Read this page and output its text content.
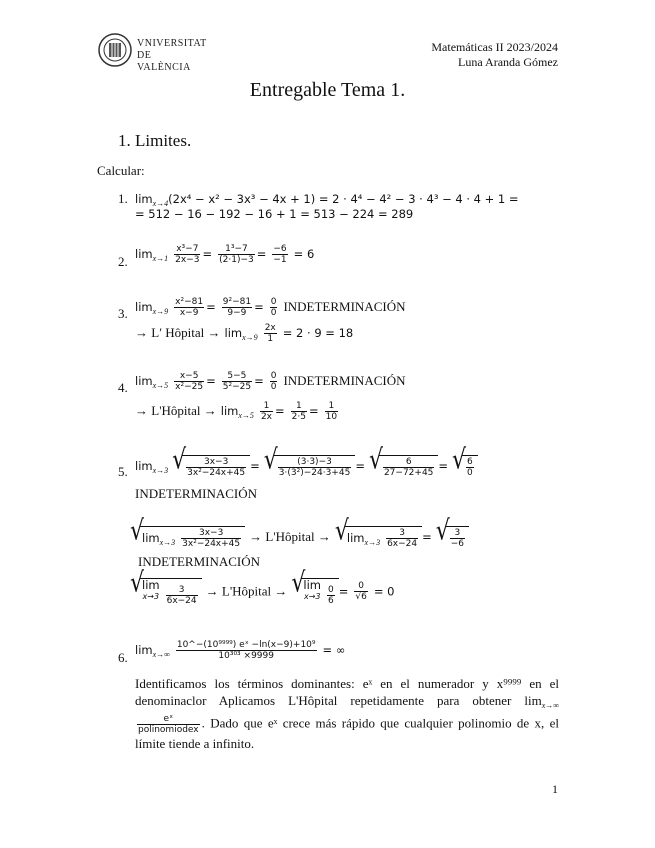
VNIVERSITAT
DE VALÈNCIA
Matemáticas II 2023/2024
Luna Aranda Gómez
Entregable Tema 1.
1. Limites.
Calcular:
1. $\lim_{x\to 4}(2x^4 - x^2 - 3x^3 - 4x + 1) = 2 \cdot 4^4 - 4^2 - 3 \cdot 4^3 - 4 \cdot 4 + 1$ =
= 512 − 16 − 192 − 16 + 1 = 513 − 224 = 289
2. $\lim_{x\to 1} \frac{\text{x³−7}}{2x-3} = \frac{\text{1³−7}}{(2\cdot 1)-3} = \frac{-6}{-1} = 6$
3. $\lim_{x\to 9} \frac{\text{x²−81}}{x-9} = \frac{\text{9²−81}}{9-9} = \frac{0}{0}$ INDETERMINACIÓN
→ L′ Hôpital → $\lim_{x\to 9} \frac{2x}{1} = 2 \cdot 9 = 18$
4. $\lim_{x\to 5} \frac{x-5}{\text{x²−25}} = \frac{5-5}{\text{5²−25}} = \frac{0}{0}$ INDETERMINACIÓN
→ L'Hôpital → $\lim_{x\to 5} \frac{1}{2x} = \frac{1}{2\cdot 5} = \frac{1}{10}$
5. $\lim_{x\to 3}$ √ $\frac{3x-3}{\text{3x²−24x+45}}$ = √ $\frac{(3\cdot 3)-3}{\text{3·(3²)−24·3+45}}$ = √ $\frac{6}{27-72+45}$ = √ $\frac{6}{0}$
INDETERMINACIÓN
√ $\lim_{x\to 3} \frac{3x-3}{\text{3x²−24x+45}}$ → L'Hôpital → √ $\lim_{x\to 3} \frac{3}{6x-24}$ = √ $\frac{3}{-6}$
INDETERMINACIÓN
√ lim
$x\to 3 \frac{3}{6x-24}$ → L'Hôpital → √ lim
$x\to 3 \frac{0}{6} = \frac{0}{√6} = 0$
6. $\lim_{x\to\infty} \frac{\text{10\textasciicircum{}−(10⁹⁹⁹⁹) eˣ −ln(x−9)+10⁹}}{\text{10³⁰³ ×9999}}$ = ∞
Identificamos los términos dominantes: eˣ en el numerador y x⁹⁹⁹⁹ en el denominaclor Aplicamos L'Hôpital repetidamente para obtener $\lim_{x\to\infty}$
$\frac{\text{eˣ}}{\text{polinomiodex}}$ . Dado que eˣ crece más rápido que cualquier polinomio de x, el límite tiende a infinito.
1
